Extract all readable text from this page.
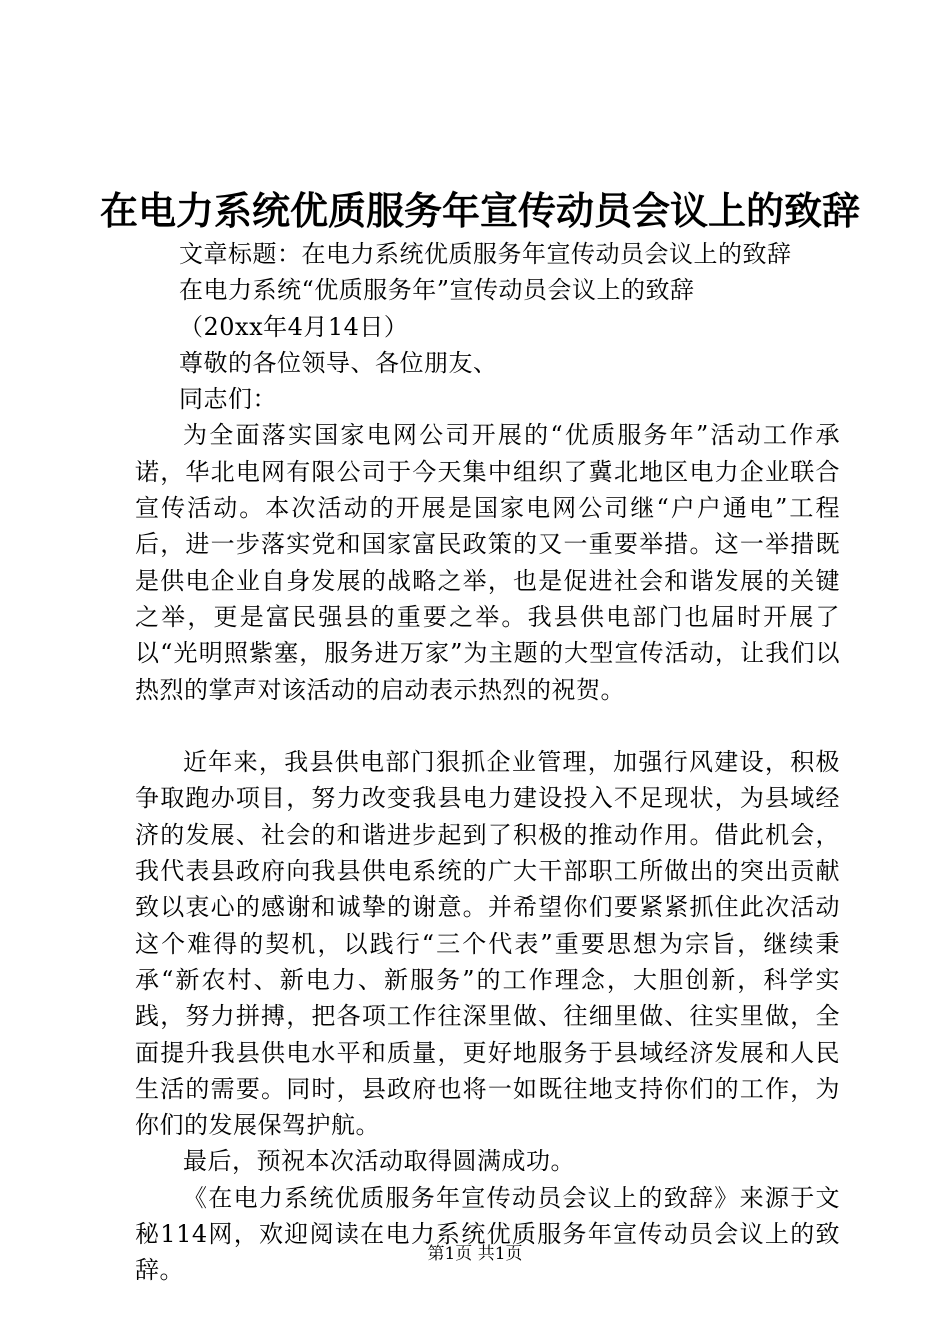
在电力系统优质服务年宣传动员会议上的致辞
文章标题：在电力系统优质服务年宣传动员会议上的致辞
在电力系统“优质服务年”宣传动员会议上的致辞
（20xx年4月14日）
尊敬的各位领导、各位朋友、
同志们：
为全面落实国家电网公司开展的“优质服务年”活动工作承诺，华北电网有限公司于今天集中组织了冀北地区电力企业联合宣传活动。本次活动的开展是国家电网公司继“户户通电”工程后，进一步落实党和国家富民政策的又一重要举措。这一举措既是供电企业自身发展的战略之举，也是促进社会和谐发展的关键之举，更是富民强县的重要之举。我县供电部门也届时开展了以“光明照紫塞，服务进万家”为主题的大型宣传活动，让我们以热烈的掌声对该活动的启动表示热烈的祝贺。
近年来，我县供电部门狠抓企业管理，加强行风建设，积极争取跑办项目，努力改变我县电力建设投入不足现状，为县域经济的发展、社会的和谐进步起到了积极的推动作用。借此机会，我代表县政府向我县供电系统的广大干部职工所做出的突出贡献致以衷心的感谢和诚挚的谢意。并希望你们要紧紧抓住此次活动这个难得的契机，以践行“三个代表”重要思想为宗旨，继续秉承“新农村、新电力、新服务”的工作理念，大胆创新，科学实践，努力拼搏，把各项工作往深里做、往细里做、往实里做，全面提升我县供电水平和质量，更好地服务于县域经济发展和人民生活的需要。同时，县政府也将一如既往地支持你们的工作，为你们的发展保驾护航。
最后，预祝本次活动取得圆满成功。
《在电力系统优质服务年宣传动员会议上的致辞》来源于文秘114网，欢迎阅读在电力系统优质服务年宣传动员会议上的致辞。
第1页 共1页
